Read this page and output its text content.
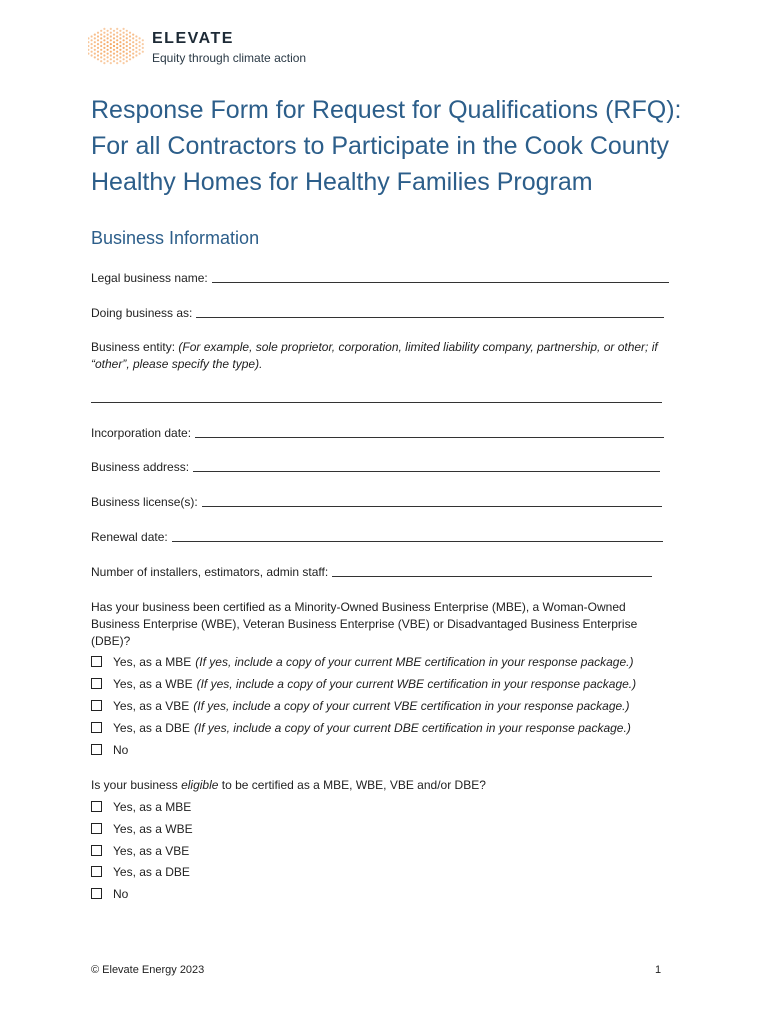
ELEVATE
Equity through climate action
Response Form for Request for Qualifications (RFQ):
For all Contractors to Participate in the Cook County
Healthy Homes for Healthy Families Program
Business Information
Legal business name:
Doing business as:

Business entity: (For example, sole proprietor, corporation, limited liability company, partnership, or other; if “other”, please specify the type).

Incorporation date:
Business address:
Business license(s):
Renewal date:
Number of installers, estimators, admin staff:

Has your business been certified as a Minority-Owned Business Enterprise (MBE), a Woman-Owned Business Enterprise (WBE), Veteran Business Enterprise (VBE) or Disadvantaged Business Enterprise (DBE)?

Yes, as a MBE (If yes, include a copy of your current MBE certification in your response package.)
Yes, as a WBE (If yes, include a copy of your current WBE certification in your response package.)
Yes, as a VBE (If yes, include a copy of your current VBE certification in your response package.)
Yes, as a DBE (If yes, include a copy of your current DBE certification in your response package.)
No

Is your business eligible to be certified as a MBE, WBE, VBE and/or DBE?

Yes, as a MBE
Yes, as a WBE
Yes, as a VBE
Yes, as a DBE
No
© Elevate Energy 2023	1
